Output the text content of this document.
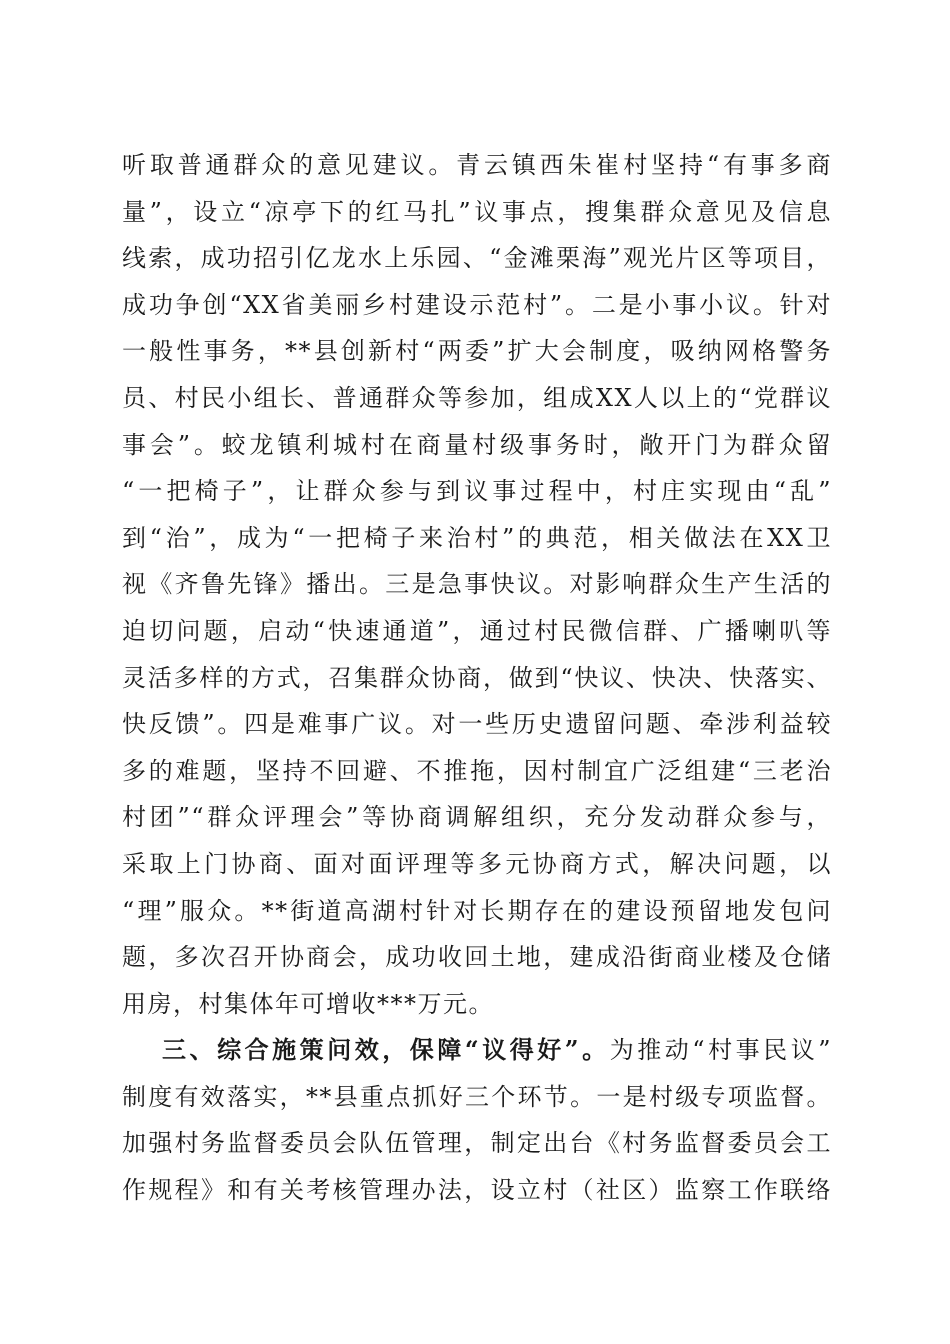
听取普通群众的意见建议。青云镇西朱崔村坚持“有事多商
量”，设立“凉亭下的红马扎”议事点，搜集群众意见及信息
线索，成功招引亿龙水上乐园、“金滩栗海”观光片区等项目，
成功争创“XX省美丽乡村建设示范村”。二是小事小议。针对
一般性事务，**县创新村“两委”扩大会制度，吸纳网格警务
员、村民小组长、普通群众等参加，组成XX人以上的“党群议
事会”。蛟龙镇利城村在商量村级事务时，敞开门为群众留
“一把椅子”，让群众参与到议事过程中，村庄实现由“乱”
到“治”，成为“一把椅子来治村”的典范，相关做法在XX卫
视《齐鲁先锋》播出。三是急事快议。对影响群众生产生活的
迫切问题，启动“快速通道”，通过村民微信群、广播喇叭等
灵活多样的方式，召集群众协商，做到“快议、快决、快落实、
快反馈”。四是难事广议。对一些历史遗留问题、牵涉利益较
多的难题，坚持不回避、不推拖，因村制宜广泛组建“三老治
村团”“群众评理会”等协商调解组织，充分发动群众参与，
采取上门协商、面对面评理等多元协商方式，解决问题，以
“理”服众。**街道高湖村针对长期存在的建设预留地发包问
题，多次召开协商会，成功收回土地，建成沿街商业楼及仓储
用房，村集体年可增收***万元。
三、综合施策问效，保障“议得好”。为推动“村事民议”
制度有效落实，**县重点抓好三个环节。一是村级专项监督。
加强村务监督委员会队伍管理，制定出台《村务监督委员会工
作规程》和有关考核管理办法，设立村（社区）监察工作联络
